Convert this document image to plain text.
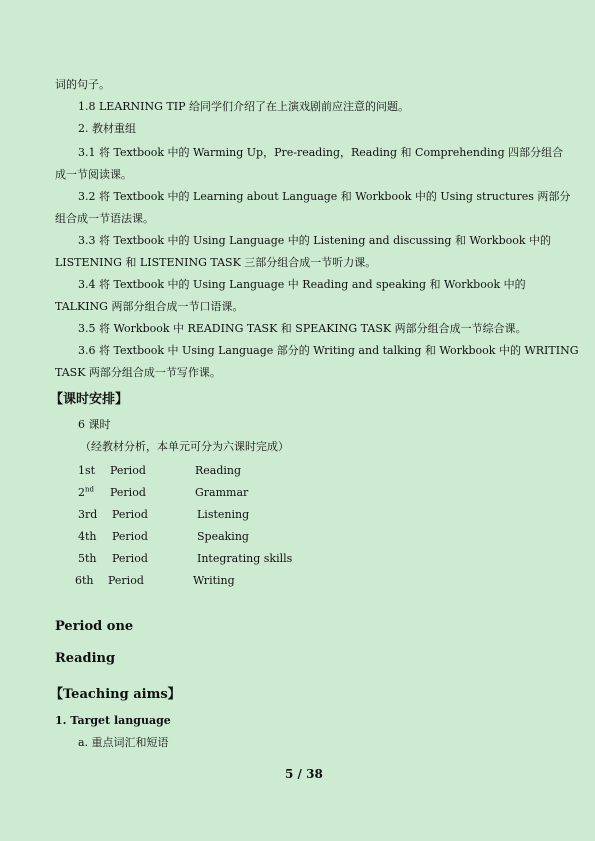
词的句子。
1.8 LEARNING TIP 给同学们介绍了在上演戏剧前应注意的问题。
2. 教材重组
3.1 将 Textbook 中的 Warming Up，Pre-reading，Reading 和 Comprehending 四部分组合
成一节阅读课。
3.2 将 Textbook 中的 Learning about Language 和 Workbook 中的 Using structures 两部分
组合成一节语法课。
3.3 将 Textbook 中的 Using Language 中的 Listening and discussing 和 Workbook 中的
LISTENING 和 LISTENING TASK 三部分组合成一节听力课。
3.4 将 Textbook 中的 Using Language 中 Reading and speaking 和 Workbook 中的
TALKING 两部分组合成一节口语课。
3.5 将 Workbook 中 READING TASK 和 SPEAKING TASK 两部分组合成一节综合课。
3.6 将 Textbook 中 Using Language 部分的 Writing and talking 和 Workbook 中的 WRITING
TASK 两部分组合成一节写作课。
【课时安排】
6 课时
（经教材分析，本单元可分为六课时完成）
1st Period	Reading
2nd Period	Grammar
3rd Period	Listening
4th Period	Speaking
5th Period	Integrating skills
6th Period	Writing
Period one
Reading
【Teaching aims】
1. Target language
a. 重点词汇和短语
5 / 38
